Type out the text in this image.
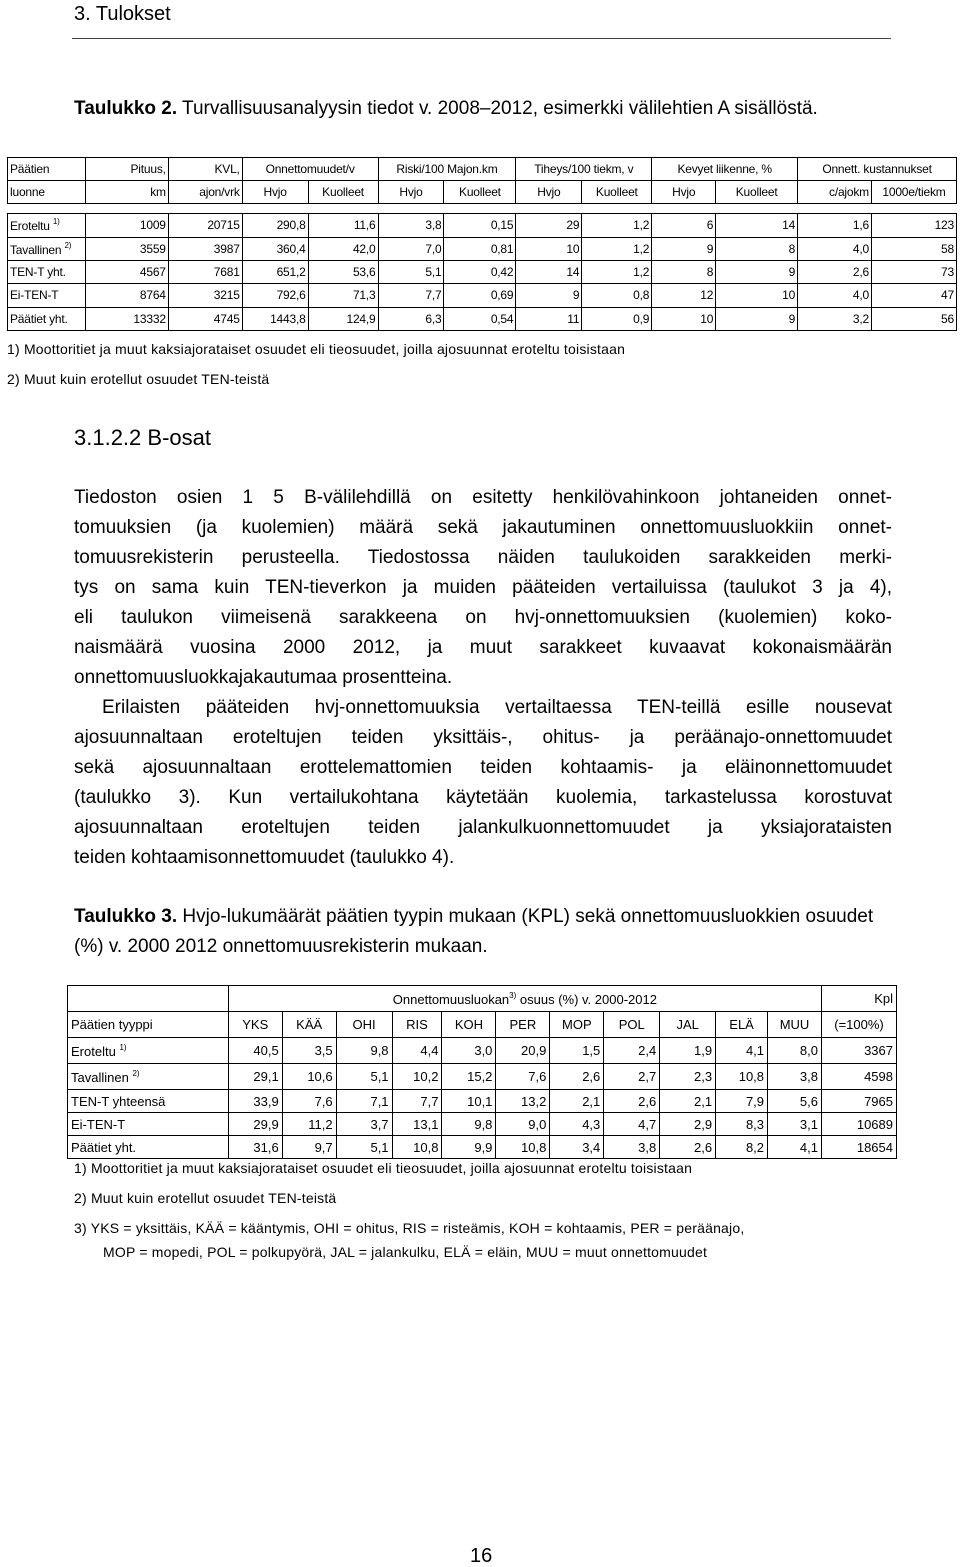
3. Tulokset
Taulukko 2. Turvallisuusanalyysin tiedot v. 2008–2012, esimerkki välilehtien A sisällöstä.
Päätien	Pituus,	KVL,	Onnettomuudet/v		Riski/100 Majon.km		Tiheys/100 tiekm, v		Kevyet liikenne, %		Onnett. kustannukset	
luonne	km	ajon/vrk	Hvjo	Kuolleet	Hvjo	Kuolleet	Hvjo	Kuolleet	Hvjo	Kuolleet	c/ajokm	1000e/tiekm

Eroteltu $^{1)}$	1009	20715	290,8	11,6	3,8	0,15	29	1,2	6	14	1,6	123
Tavallinen $^{2)}$	3559	3987	360,4	42,0	7,0	0,81	10	1,2	9	8	4,0	58
TEN-T yht.	4567	7681	651,2	53,6	5,1	0,42	14	1,2	8	9	2,6	73
Ei-TEN-T	8764	3215	792,6	71,3	7,7	0,69	9	0,8	12	10	4,0	47
Päätiet yht.	13332	4745	1443,8	124,9	6,3	0,54	11	0,9	10	9	3,2	56
1) Moottoritiet ja muut kaksiajorataiset osuudet eli tieosuudet, joilla ajosuunnat eroteltu toisistaan
2) Muut kuin erotellut osuudet TEN-teistä
3.1.2.2 B-osat
Tiedoston osien 1 5 B-välilehdillä on esitetty henkilövahinkoon johtaneiden onnet-
tomuuksien (ja kuolemien) määrä sekä jakautuminen onnettomuusluokkiin onnet-
tomuusrekisterin perusteella. Tiedostossa näiden taulukoiden sarakkeiden merki-
tys on sama kuin TEN-tieverkon ja muiden pääteiden vertailuissa (taulukot 3 ja 4),
eli taulukon viimeisenä sarakkeena on hvj-onnettomuuksien (kuolemien) koko-
naismäärä vuosina 2000 2012, ja muut sarakkeet kuvaavat kokonaismäärän
onnettomuusluokkajakautumaa prosentteina.
Erilaisten pääteiden hvj-onnettomuuksia vertailtaessa TEN-teillä esille nousevat
ajosuunnaltaan eroteltujen teiden yksittäis-, ohitus- ja peräänajo-onnettomuudet
sekä ajosuunnaltaan erottelemattomien teiden kohtaamis- ja eläinonnettomuudet
(taulukko 3). Kun vertailukohtana käytetään kuolemia, tarkastelussa korostuvat
ajosuunnaltaan eroteltujen teiden jalankulkuonnettomuudet ja yksiajorataisten
teiden kohtaamisonnettomuudet (taulukko 4).
Taulukko 3. Hvjo-lukumäärät päätien tyypin mukaan (KPL) sekä onnettomuusluokkien osuudet (%) v. 2000 2012 onnettomuusrekisterin mukaan.
	Onnettomuusluokan$^{3)}$ osuus (%) v. 2000-2012											Kpl
Päätien tyyppi	YKS	KÄÄ	OHI	RIS	KOH	PER	MOP	POL	JAL	ELÄ	MUU	(=100%)
Eroteltu $^{1)}$	40,5	3,5	9,8	4,4	3,0	20,9	1,5	2,4	1,9	4,1	8,0	3367
Tavallinen $^{2)}$	29,1	10,6	5,1	10,2	15,2	7,6	2,6	2,7	2,3	10,8	3,8	4598
TEN-T yhteensä	33,9	7,6	7,1	7,7	10,1	13,2	2,1	2,6	2,1	7,9	5,6	7965
Ei-TEN-T	29,9	11,2	3,7	13,1	9,8	9,0	4,3	4,7	2,9	8,3	3,1	10689
Päätiet yht.	31,6	9,7	5,1	10,8	9,9	10,8	3,4	3,8	2,6	8,2	4,1	18654
1) Moottoritiet ja muut kaksiajorataiset osuudet eli tieosuudet, joilla ajosuunnat eroteltu toisistaan
2) Muut kuin erotellut osuudet TEN-teistä
3) YKS = yksittäis, KÄÄ = kääntymis, OHI = ohitus, RIS = risteämis, KOH = kohtaamis, PER = peräänajo,
MOP = mopedi, POL = polkupyörä, JAL = jalankulku, ELÄ = eläin, MUU = muut onnettomuudet
16
